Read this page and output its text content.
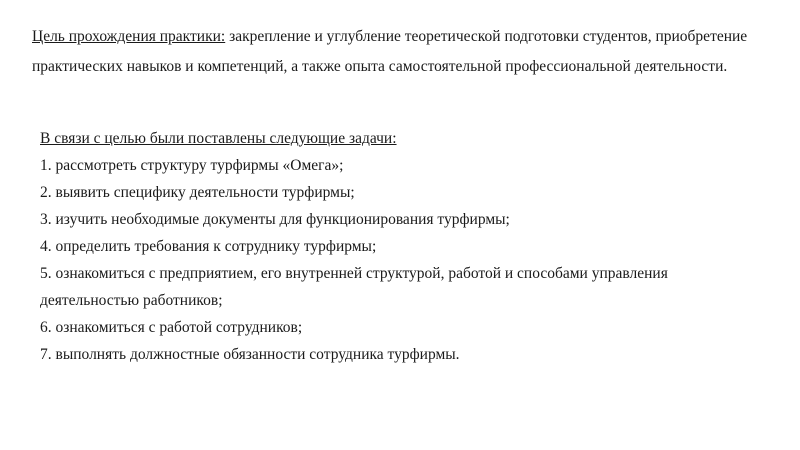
Цель прохождения практики: закрепление и углубление теоретической подготовки студентов, приобретение практических навыков и компетенций, а также опыта самостоятельной профессиональной деятельности.

В связи с целью были поставлены следующие задачи:
1. рассмотреть структуру турфирмы «Омега»;
2. выявить специфику деятельности турфирмы;
3. изучить необходимые документы для функционирования турфирмы;
4. определить требования к сотруднику турфирмы;
5. ознакомиться с предприятием, его внутренней структурой, работой и способами управления деятельностью работников;
6. ознакомиться с работой сотрудников;
7. выполнять должностные обязанности сотрудника турфирмы.
